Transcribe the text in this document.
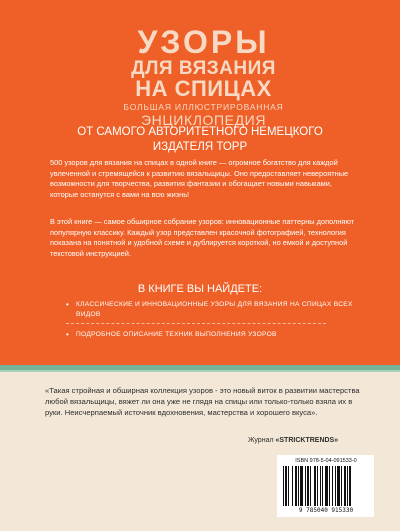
УЗОРЫ
ДЛЯ ВЯЗАНИЯ
НА СПИЦАХ
БОЛЬШАЯ ИЛЛЮСТРИРОВАННАЯ
ЭНЦИКЛОПЕДИЯ
ОТ САМОГО АВТОРИТЕТНОГО НЕМЕЦКОГО
ИЗДАТЕЛЯ ТОРР
500 узоров для вязания на спицах в одной книге — огромное богатство для каждой увлеченной и стремящейся к развитию вязальщицы. Оно предоставляет невероятные возможности для творчества, развития фантазии и обогащает новыми навыками, которые останутся с вами на всю жизнь!
В этой книге — самое обширное собрание узоров: инновационные паттерны дополняют популярную классику. Каждый узор представлен красочной фотографией, технология показана на понятной и удобной схеме и дублируется короткой, но емкой и доступной текстовой инструкцией.
В КНИГЕ ВЫ НАЙДЕТЕ:
• КЛАССИЧЕСКИЕ И ИННОВАЦИОННЫЕ УЗОРЫ ДЛЯ ВЯЗАНИЯ НА СПИЦАХ ВСЕХ ВИДОВ
• ПОДРОБНОЕ ОПИСАНИЕ ТЕХНИК ВЫПОЛНЕНИЯ УЗОРОВ
«Такая стройная и обширная коллекция узоров - это новый виток в развитии мастерства любой вязальщицы, вяжет ли она уже не глядя на спицы или только-только взяла их в руки. Неисчерпаемый источник вдохновения, мастерства и хорошего вкуса».
Журнал «STRICKTRENDS»
ISBN 978-5-04-091533-0
9 785040 915330
